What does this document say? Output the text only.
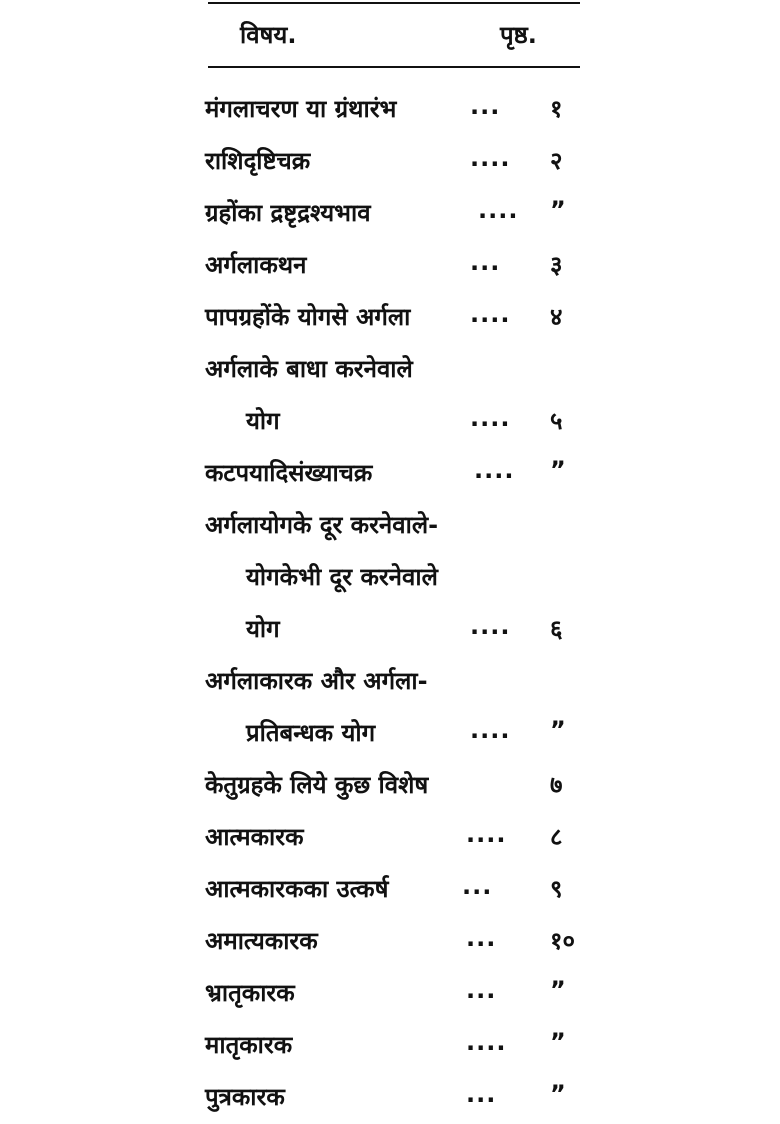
विषय.	पृष्ठ.
मंगलाचरण या ग्रंथारंभ	... १
राशिदृष्टिचक्र	.... २
ग्रहोंका द्रष्टृद्रश्यभाव	.... ”
अर्गलाकथन	... ३
पापग्रहोंके योगसे अर्गला .... ४
अर्गलाके बाधा करनेवाले
योग	.... ५
कटपयादिसंख्याचक्र	.... ”
अर्गलायोगके दूर करनेवाले-
योगकेभी दूर करनेवाले
योग	.... ६
अर्गलाकारक और अर्गला-
प्रतिबन्धक योग	.... ”
केतुग्रहके लिये कुछ विशेष	७
आत्मकारक	.... ८
आत्मकारकका उत्कर्ष	... ९
अमात्यकारक	... १०
भ्रातृकारक	... ”
मातृकारक	.... ”
पुत्रकारक	... ”
